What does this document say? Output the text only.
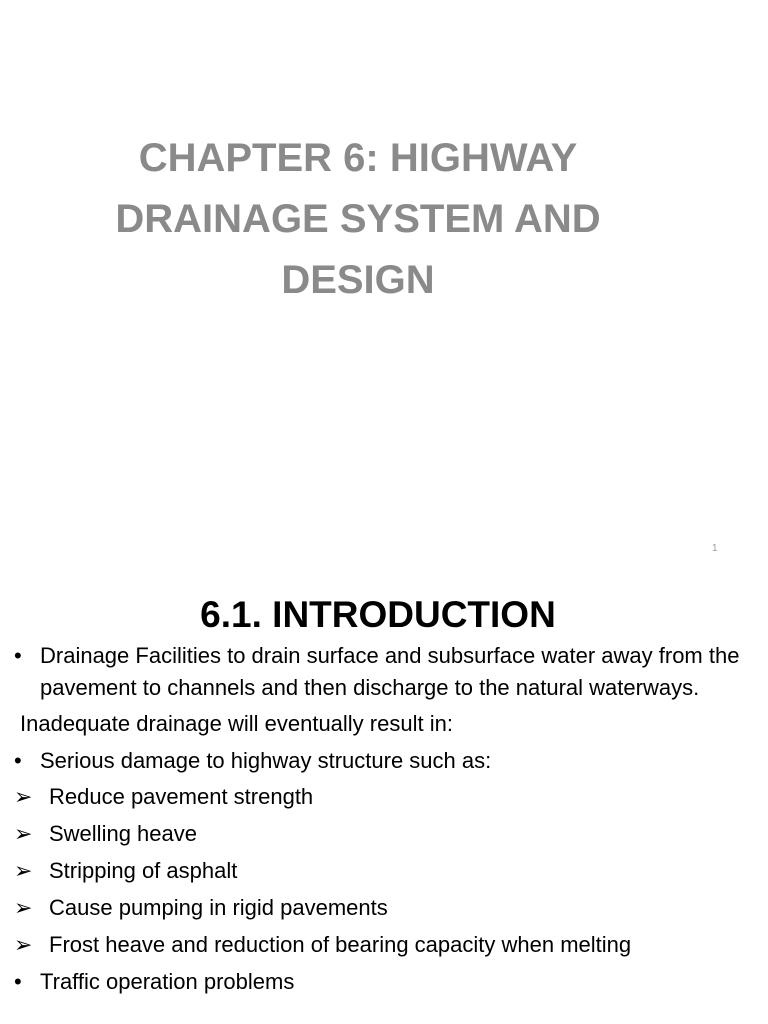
CHAPTER 6: HIGHWAY
DRAINAGE SYSTEM AND
DESIGN
1
6.1. INTRODUCTION
• Drainage Facilities to drain surface and subsurface water away from the pavement to channels and then discharge to the natural waterways.
Inadequate drainage will eventually result in:
• Serious damage to highway structure such as:
➢ Reduce pavement strength
➢ Swelling heave
➢ Stripping of asphalt
➢ Cause pumping in rigid pavements
➢ Frost heave and reduction of bearing capacity when melting
• Traffic operation problems
